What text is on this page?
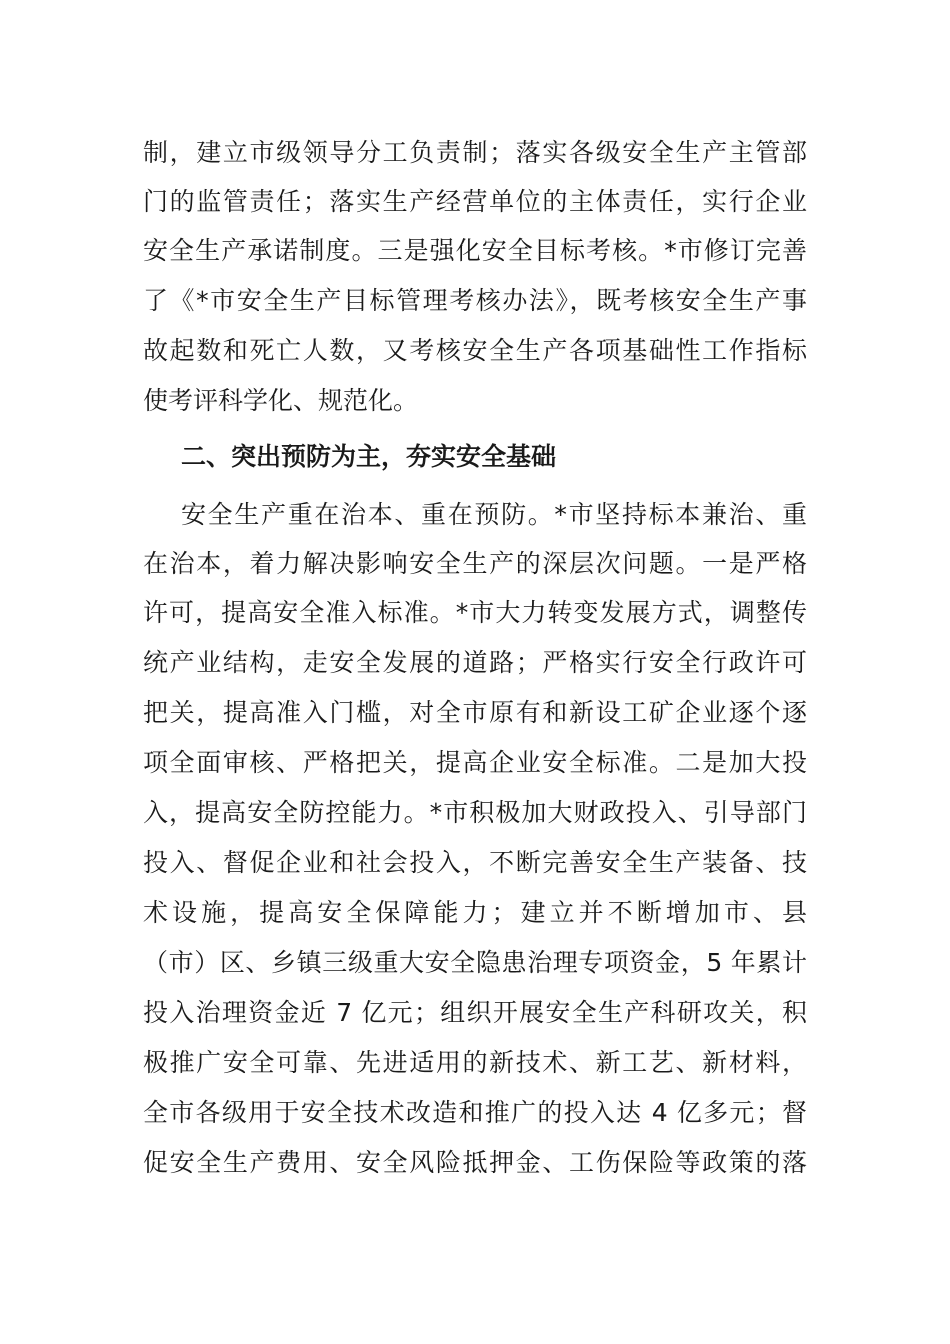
制，建立市级领导分工负责制；落实各级安全生产主管部
门的监管责任；落实生产经营单位的主体责任，实行企业
安全生产承诺制度。三是强化安全目标考核。*市修订完善
了《*市安全生产目标管理考核办法》，既考核安全生产事
故起数和死亡人数，又考核安全生产各项基础性工作指标
使考评科学化、规范化。
二、突出预防为主，夯实安全基础
安全生产重在治本、重在预防。*市坚持标本兼治、重
在治本，着力解决影响安全生产的深层次问题。一是严格
许可，提高安全准入标准。*市大力转变发展方式，调整传
统产业结构，走安全发展的道路；严格实行安全行政许可
把关，提高准入门槛，对全市原有和新设工矿企业逐个逐
项全面审核、严格把关，提高企业安全标准。二是加大投
入，提高安全防控能力。*市积极加大财政投入、引导部门
投入、督促企业和社会投入，不断完善安全生产装备、技
术设施，提高安全保障能力；建立并不断增加市、县
（市）区、乡镇三级重大安全隐患治理专项资金，5 年累计
投入治理资金近 7 亿元；组织开展安全生产科研攻关，积
极推广安全可靠、先进适用的新技术、新工艺、新材料，
全市各级用于安全技术改造和推广的投入达 4 亿多元；督
促安全生产费用、安全风险抵押金、工伤保险等政策的落
